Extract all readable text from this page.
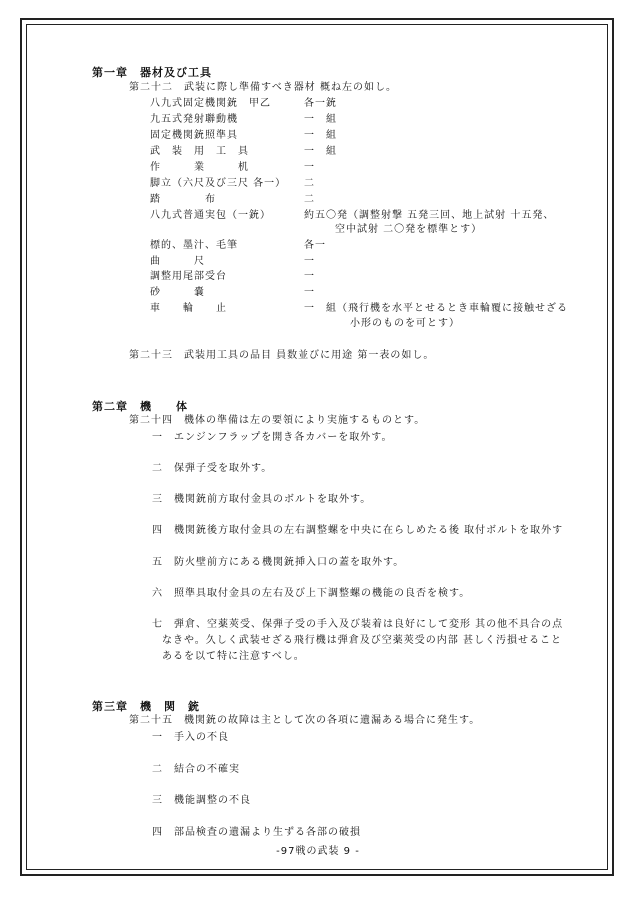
第一章　器材及び工具
第二十二　武装に際し準備すべき器材 概ね左の如し。
八九式固定機関銃　甲乙	各一銃
九五式発射聯動機	一　組
固定機関銃照準具	一　組
武　装　用　工　具	一　組
作　　　業　　　机	一
脚立（六尺及び三尺 各一） 二
踏　　　　布	二
八九式普通実包（一銃）	約五〇発（調整射撃 五発三回、地上試射 十五発、
空中試射 二〇発を標準とす）
標的、墨汁、毛筆	各一
曲　　　尺	一
調整用尾部受台	一
砂　　　嚢	一
車　　輪　　止	一　組（飛行機を水平とせるとき車輪覆に接触せざる
小形のものを可とす）
第二十三　武装用工具の品目 員数並びに用途 第一表の如し。
第二章　機　　体
第二十四　機体の準備は左の要領により実施するものとす。
一　エンジンフラップを開き各カバーを取外す。
二　保弾子受を取外す。
三　機関銃前方取付金具のボルトを取外す。
四　機関銃後方取付金具の左右調整螺を中央に在らしめたる後 取付ボルトを取外す
五　防火壁前方にある機関銃挿入口の蓋を取外す。
六　照準具取付金具の左右及び上下調整螺の機能の良否を検す。
七　弾倉、空薬莢受、保弾子受の手入及び装着は良好にして変形 其の他不具合の点
なきや。久しく武装せざる飛行機は弾倉及び空薬莢受の内部 甚しく汚損せること
あるを以て特に注意すべし。
第三章　機　関　銃
第二十五　機関銃の故障は主として次の各項に遺漏ある場合に発生す。
一　手入の不良
二　結合の不確実
三　機能調整の不良
四　部品検査の遺漏より生ずる各部の破損
-97戦の武装 9 -
